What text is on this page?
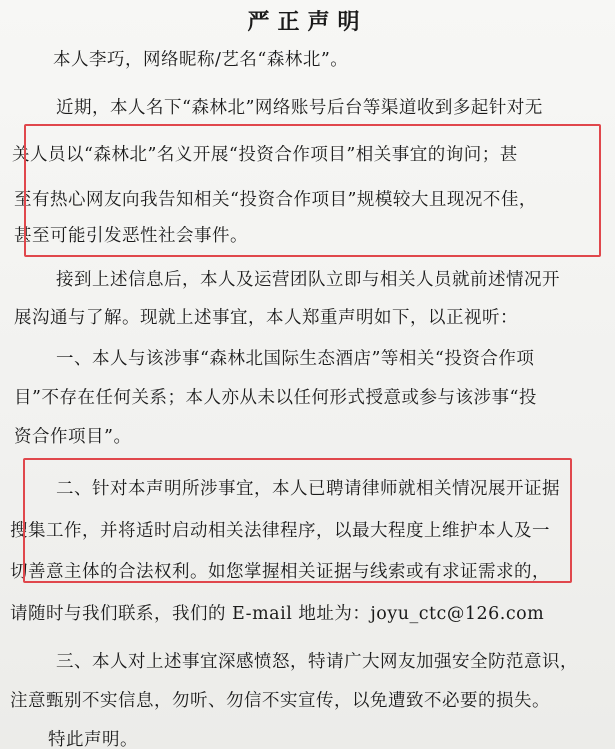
严正声明
本人李巧，网络昵称/艺名“森林北”。
近期，本人名下“森林北”网络账号后台等渠道收到多起针对无
关人员以“森林北”名义开展“投资合作项目”相关事宜的询问；甚
至有热心网友向我告知相关“投资合作项目”规模较大且现况不佳，
甚至可能引发恶性社会事件。
接到上述信息后，本人及运营团队立即与相关人员就前述情况开
展沟通与了解。现就上述事宜，本人郑重声明如下，以正视听：
一、本人与该涉事“森林北国际生态酒店”等相关“投资合作项
目”不存在任何关系；本人亦从未以任何形式授意或参与该涉事“投
资合作项目”。
二、针对本声明所涉事宜，本人已聘请律师就相关情况展开证据
搜集工作，并将适时启动相关法律程序，以最大程度上维护本人及一
切善意主体的合法权利。如您掌握相关证据与线索或有求证需求的，
请随时与我们联系，我们的 E-mail 地址为：joyu_ctc@126.com
三、本人对上述事宜深感愤怒，特请广大网友加强安全防范意识，
注意甄别不实信息，勿听、勿信不实宣传，以免遭致不必要的损失。
特此声明。
